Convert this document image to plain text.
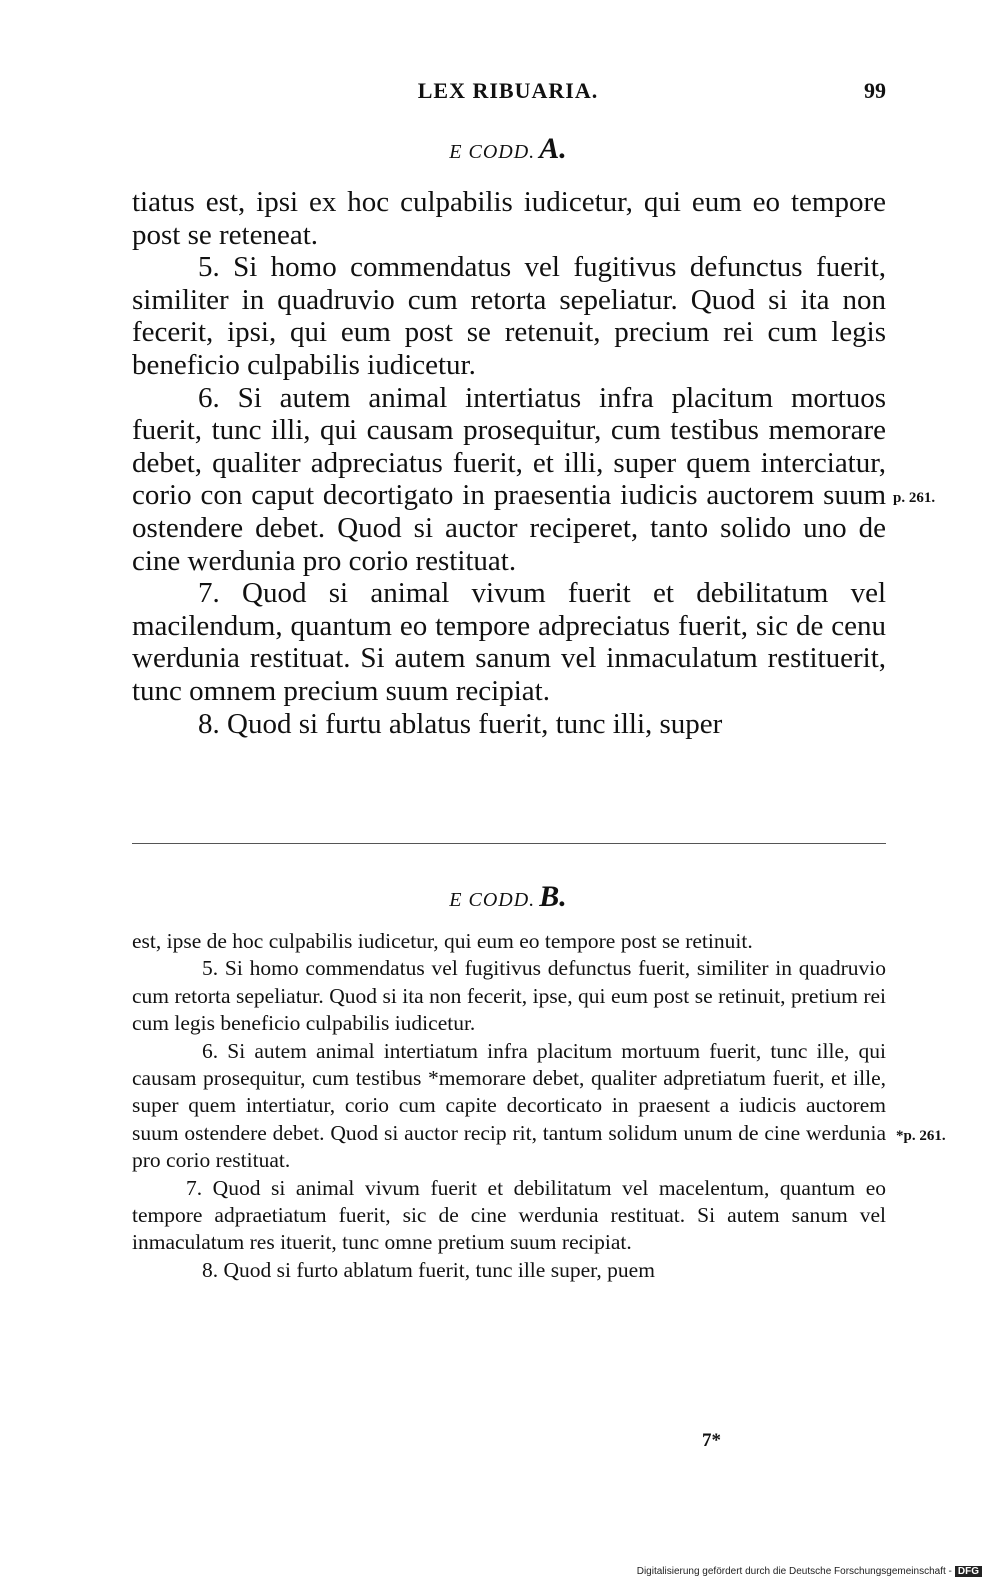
LEX RIBUARIA.	99
E CODD. A.

tiatus est, ipsi ex hoc culpabilis iudicetur, qui eum eo tempore post se reteneat.

5. Si homo commendatus vel fugitivus defunctus fuerit, similiter in quadruvio cum retorta sepeliatur. Quod si ita non fecerit, ipsi, qui eum post se retenuit, precium rei cum legis beneficio culpabilis iudicetur.

6. Si autem animal intertiatus infra placitum mortuos fuerit, tunc illi, qui causam prosequitur, cum testibus memorare debet, qualiter adpreciatus fuerit, et illi, super quem interciatur, corio con caput decortigato in praesentia iudicis auctorem suum ostendere debet. Quod si auctor reciperet, tanto solido uno de cine werdunia pro corio restituat.

7. Quod si animal vivum fuerit et debilitatum vel macilendum, quantum eo tempore adpreciatus fuerit, sic de cenu werdunia restituat. Si autem sanum vel inmaculatum restituerit, tunc omnem precium suum recipiat.

8. Quod si furtu ablatus fuerit, tunc illi, super

p. 261.
E CODD. B.

est, ipse de hoc culpabilis iudicetur, qui eum eo tempore post se retinuit.

5. Si homo commendatus vel fugitivus defunctus fuerit, similiter in quadruvio cum retorta sepeliatur. Quod si ita non fecerit, ipse, qui eum post se retinuit, pretium rei cum legis beneficio culpabilis iudicetur.

6. Si autem animal intertiatum infra placitum mortuum fuerit, tunc ille, qui causam prosequitur, cum testibus *memorare debet, qualiter adpretiatum fuerit, et ille, super quem intertiatur, corio cum capite decorticato in praesent a iudicis auctorem suum ostendere debet. Quod si auctor recip rit, tantum solidum unum de cine werdunia pro corio restituat.

7. Quod si animal vivum fuerit et debilitatum vel macelentum, quantum eo tempore adpraetiatum fuerit, sic de cine werdunia restituat. Si autem sanum vel inmaculatum res ituerit, tunc omne pretium suum recipiat.

8. Quod si furto ablatum fuerit, tunc ille super, puem

*p. 261.
7*
Digitalisierung gefördert durch die Deutsche Forschungsgemeinschaft - DFG
